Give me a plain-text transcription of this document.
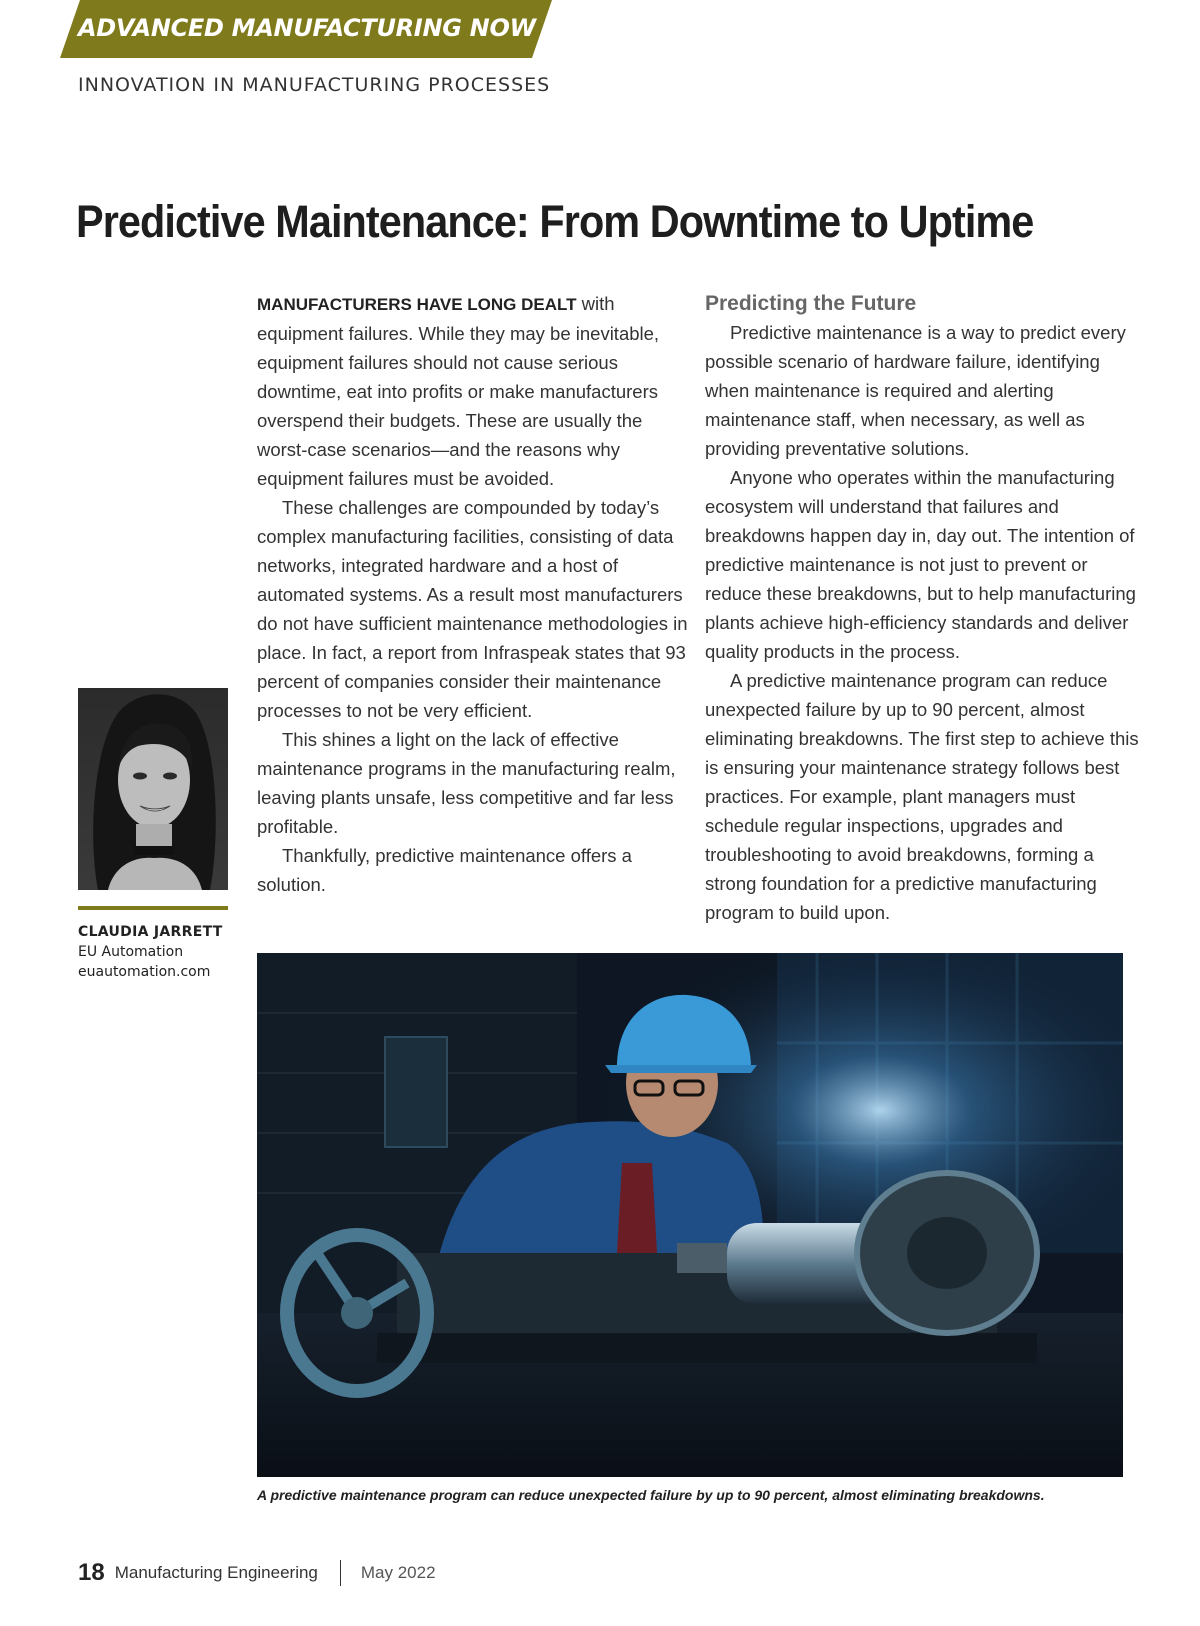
ADVANCED MANUFACTURING NOW
INNOVATION IN MANUFACTURING PROCESSES
Predictive Maintenance: From Downtime to Uptime

MANUFACTURERS HAVE LONG DEALT with equipment failures. While they may be inevitable, equipment failures should not cause serious downtime, eat into profits or make manufacturers overspend their budgets. These are usually the worst-case scenarios—and the reasons why equipment failures must be avoided.

These challenges are compounded by today’s complex manufacturing facilities, consisting of data networks, integrated hardware and a host of automated systems. As a result most manufacturers do not have sufficient maintenance methodologies in place. In fact, a report from Infraspeak states that 93 percent of companies consider their maintenance processes to not be very efficient.

This shines a light on the lack of effective maintenance programs in the manufacturing realm, leaving plants unsafe, less competitive and far less profitable.

Thankfully, predictive maintenance offers a solution.

Predicting the Future

Predictive maintenance is a way to predict every possible scenario of hardware failure, identifying when maintenance is required and alerting maintenance staff, when necessary, as well as providing preventative solutions.

Anyone who operates within the manufacturing ecosystem will understand that failures and breakdowns happen day in, day out. The intention of predictive maintenance is not just to prevent or reduce these breakdowns, but to help manufacturing plants achieve high-efficiency standards and deliver quality products in the process.

A predictive maintenance program can reduce unexpected failure by up to 90 percent, almost eliminating breakdowns. The first step to achieve this is ensuring your maintenance strategy follows best practices. For example, plant managers must schedule regular inspections, upgrades and troubleshooting to avoid breakdowns, forming a strong foundation for a predictive manufacturing program to build upon.

CLAUDIA JARRETT
EU Automation
euautomation.com
A predictive maintenance program can reduce unexpected failure by up to 90 percent, almost eliminating breakdowns.
18 Manufacturing Engineering	May 2022
